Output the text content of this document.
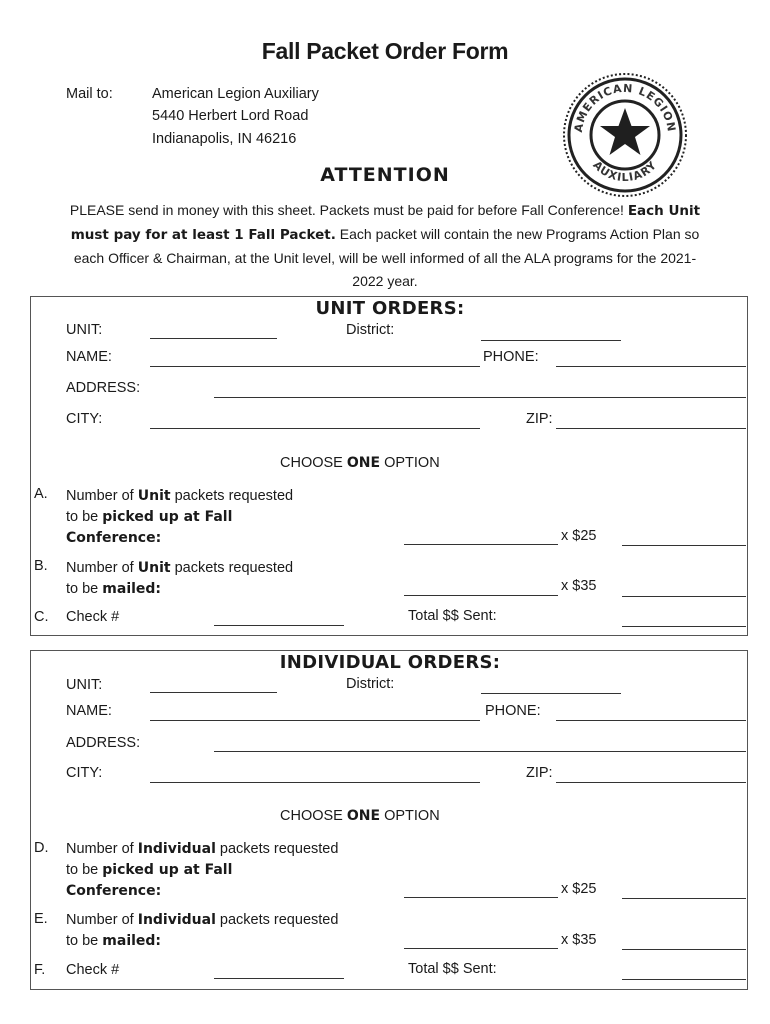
Fall Packet Order Form
Mail to:	American Legion Auxiliary
5440 Herbert Lord Road
Indianapolis, IN 46216
AMERICAN LEGION
AUXILIARY
ATTENTION
PLEASE send in money with this sheet. Packets must be paid for before Fall Conference! Each Unit must pay for at least 1 Fall Packet. Each packet will contain the new Programs Action Plan so each Officer & Chairman, at the Unit level, will be well informed of all the ALA programs for the 2021-2022 year.
UNIT ORDERS:
UNIT:	District:
NAME:	PHONE:
ADDRESS:
CITY:	ZIP:
CHOOSE ONE OPTION
A. Number of Unit packets requested
to be picked up at Fall
Conference:	x $25
B. Number of Unit packets requested
to be mailed:	x $35
C. Check #	Total $$ Sent:
INDIVIDUAL ORDERS:
UNIT:	District:
NAME:	PHONE:
ADDRESS:
CITY:	ZIP:
CHOOSE ONE OPTION
D. Number of Individual packets requested
to be picked up at Fall
Conference:	x $25
E. Number of Individual packets requested
to be mailed:	x $35
F. Check #	Total $$ Sent:
